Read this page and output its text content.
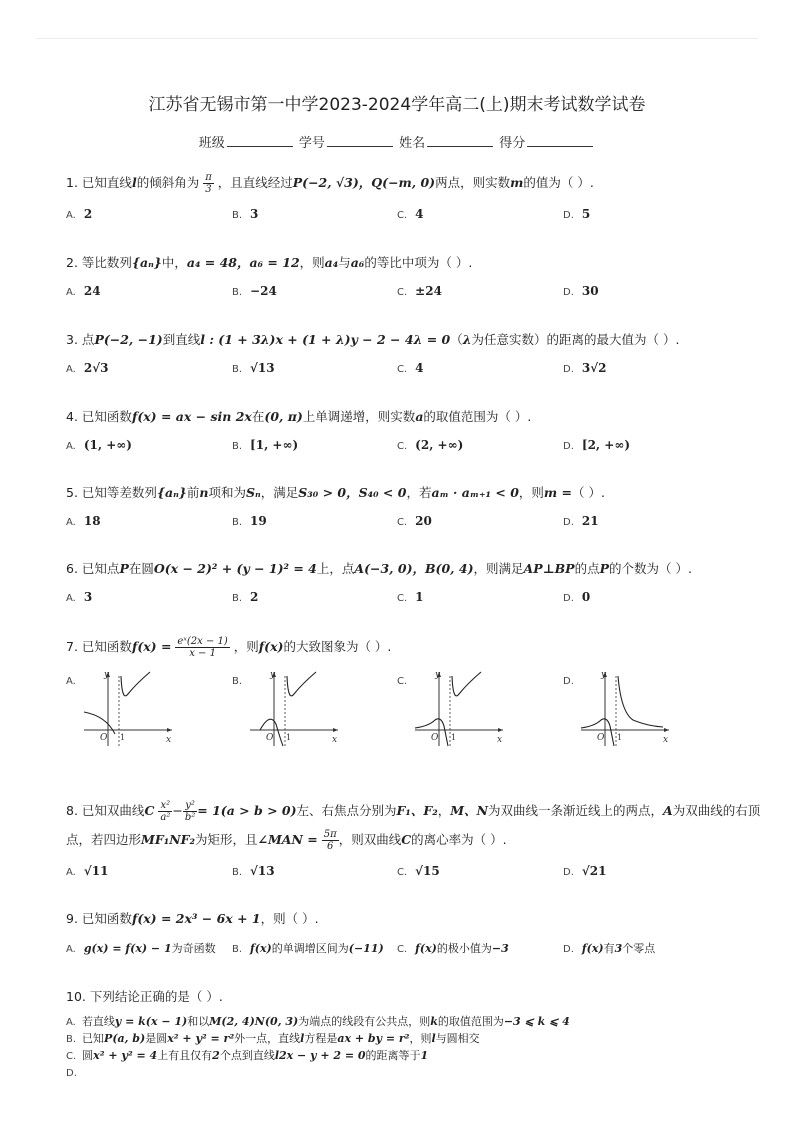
江苏省无锡市第一中学2023-2024学年高二(上)期末考试数学试卷
班级	学号	姓名	得分
1. 已知直线l的倾斜角为 $\frac{\pi}{3}$ ，且直线经过P(−2, √3)，Q(−m, 0)两点，则实数m的值为（ ）.
A. 2	B. 3	C. 4	D. 5
2. 等比数列{aₙ}中，a₄ = 48，a₆ = 12，则a₄与a₆的等比中项为（ ）.
A. 24	B. −24	C. ±24	D. 30
3. 点P(−2, −1)到直线l : (1 + 3λ)x + (1 + λ)y − 2 − 4λ = 0（λ为任意实数）的距离的最大值为（ ）.
A. 2√3	B. √13	C. 4	D. 3√2
4. 已知函数f(x) = ax − sin 2x在(0, π)上单调递增，则实数a的取值范围为（ ）.
A. (1, +∞)	B. [1, +∞)	C. (2, +∞)	D. [2, +∞)
5. 已知等差数列{aₙ}前n项和为Sₙ，满足S₃₀ > 0，S₄₀ < 0，若aₘ · aₘ₊₁ < 0，则m =（ ）.
A. 18	B. 19	C. 20	D. 21
6. 已知点P在圆O(x − 2)² + (y − 1)² = 4上，点A(−3, 0)，B(0, 4)，则满足AP⊥BP的点P的个数为（ ）.
A. 3	B. 2	C. 1	D. 0
7. 已知函数$f(x) = \frac{\text{eˣ(2x − 1)}}{x - 1}$ ，则f(x)的大致图象为（ ）.
A.	B.	C.	D.
y
x
O 1
y
x
O 1
y
x
O 1
y
x
O 1
8. 已知双曲线C $\frac{\text{x²}}{\text{a²}} - \frac{\text{y²}}{\text{b²}} = 1(a > b > 0)$左、右焦点分别为F₁、F₂，M、N为双曲线一条渐近线上的两点，A为双曲线的右顶
点，若四边形MF₁NF₂为矩形，且∠MAN = $\frac{5\pi}{6}$ ，则双曲线C的离心率为（ ）.
A. √11	B. √13	C. √15	D. √21
9. 已知函数f(x) = 2x³ − 6x + 1，则（ ）.
A. g(x) = f(x) − 1为奇函数 B. f(x)的单调增区间为(−11) C. f(x)的极小值为−3	D. f(x)有3个零点
10. 下列结论正确的是（ ）.
A. 若直线y = k(x − 1)和以M(2, 4)N(0, 3)为端点的线段有公共点，则k的取值范围为−3 ⩽ k ⩽ 4
B. 已知P(a, b)是圆x² + y² = r²外一点，直线l方程是ax + by = r²，则l与圆相交
C. 圆x² + y² = 4上有且仅有2个点到直线l2x − y + 2 = 0的距离等于1
D.
